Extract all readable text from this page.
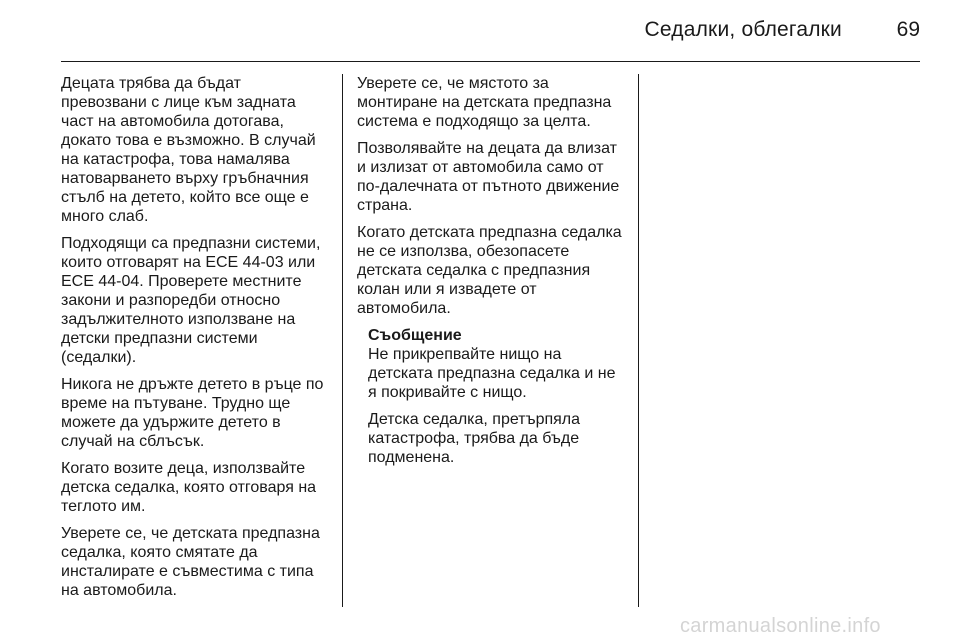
Седалки, облегалки	69

Децата трябва да бъдат превозвани с лице към задната част на автомобила дотогава, докато това е възможно. В случай на катастрофа, това намалява натоварването върху гръбначния стълб на детето, който все още е много слаб.

Подходящи са предпазни системи, които отговарят на ЕСЕ 44-03 или ЕСЕ 44-04. Проверете местните закони и разпоредби относно задължителното използване на детски предпазни системи (седалки).

Никога не дръжте детето в ръце по време на пътуване. Трудно ще можете да удържите детето в случай на сблъсък.

Когато возите деца, използвайте детска седалка, която отговаря на теглото им.

Уверете се, че детската предпазна седалка, която смятате да инсталирате е съвместима с типа на автомобила.

Уверете се, че мястото за монтиране на детската предпазна система е подходящо за целта.

Позволявайте на децата да влизат и излизат от автомобила само от по-далечната от пътното движение страна.

Когато детската предпазна седалка не се използва, обезопасете детската седалка с предпазния колан или я извадете от автомобила.

Съобщение

Не прикрепвайте нищо на детската предпазна седалка и не я покривайте с нищо.

Детска седалка, претърпяла катастрофа, трябва да бъде подменена.

carmanualsonline.info
